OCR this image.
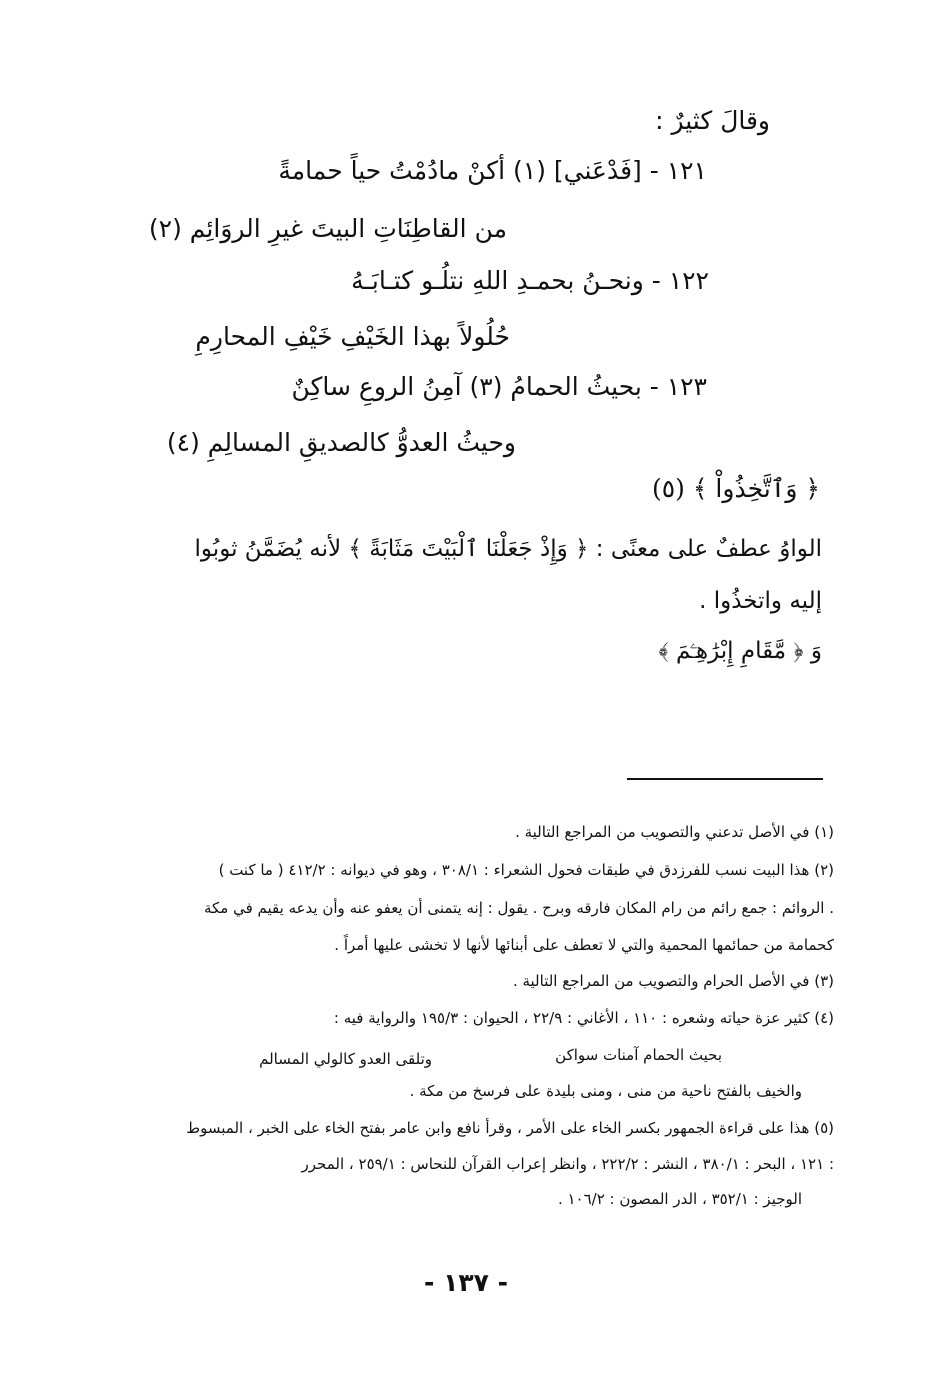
وقالَ كثيرٌ :
١٢١ - [فَدْعَني] (١) أكنْ مادُمْتُ حياً حمامةً
من القاطِنَاتِ البيتَ غيرِ الروَائِم (٢)
١٢٢ - ونحـنُ بحمـدِ اللهِ نتلُـو كتـابَـهُ
حُلُولاً بهذا الخَيْفِ خَيْفِ المحارِمِ
١٢٣ - بحيثُ الحمامُ (٣) آمِنُ الروعِ ساكِنٌ
وحيثُ العدوُّ كالصديقِ المسالِمِ (٤)
﴿ وَٱتَّخِذُواْ ﴾ (٥)
الواوُ عطفٌ على معنًى : ﴿ وَإِذْ جَعَلْنَا ٱلْبَيْتَ مَثَابَةً ﴾ لأنه يُضَمَّنُ ثوبُوا
إليه واتخذُوا .
وَ ﴿ مَّقَامِ إِبْرَٰهِـۧمَ ﴾
(١) في الأصل تدعني والتصويب من المراجع التالية .
(٢) هذا البيت نسب للفرزدق في طبقات فحول الشعراء : ٣٠٨/١ ، وهو في ديوانه : ٤١٢/٢ ( ما كنت )
. الروائم : جمع رائم من رام المكان فارقه وبرح . يقول : إنه يتمنى أن يعفو عنه وأن يدعه يقيم في مكة
كحمامة من حمائمها المحمية والتي لا تعطف على أبنائها لأنها لا تخشى عليها أمراً .
(٣) في الأصل الحرام والتصويب من المراجع التالية .
(٤) كثير عزة حياته وشعره : ١١٠ ، الأغاني : ٢٢/٩ ، الحيوان : ١٩٥/٣ والرواية فيه :
بحيث الحمام آمنات سواكن
وتلقى العدو كالولي المسالم
والخيف بالفتح ناحية من منى ، ومنى بليدة على فرسخ من مكة .
(٥) هذا على قراءة الجمهور بكسر الخاء على الأمر ، وقرأ نافع وابن عامر بفتح الخاء على الخبر ، المبسوط
: ١٢١ ، البحر : ٣٨٠/١ ، النشر : ٢٢٢/٢ ، وانظر إعراب القرآن للنحاس : ٢٥٩/١ ، المحرر
الوجيز : ٣٥٢/١ ، الدر المصون : ١٠٦/٢ .
- ١٣٧ -
